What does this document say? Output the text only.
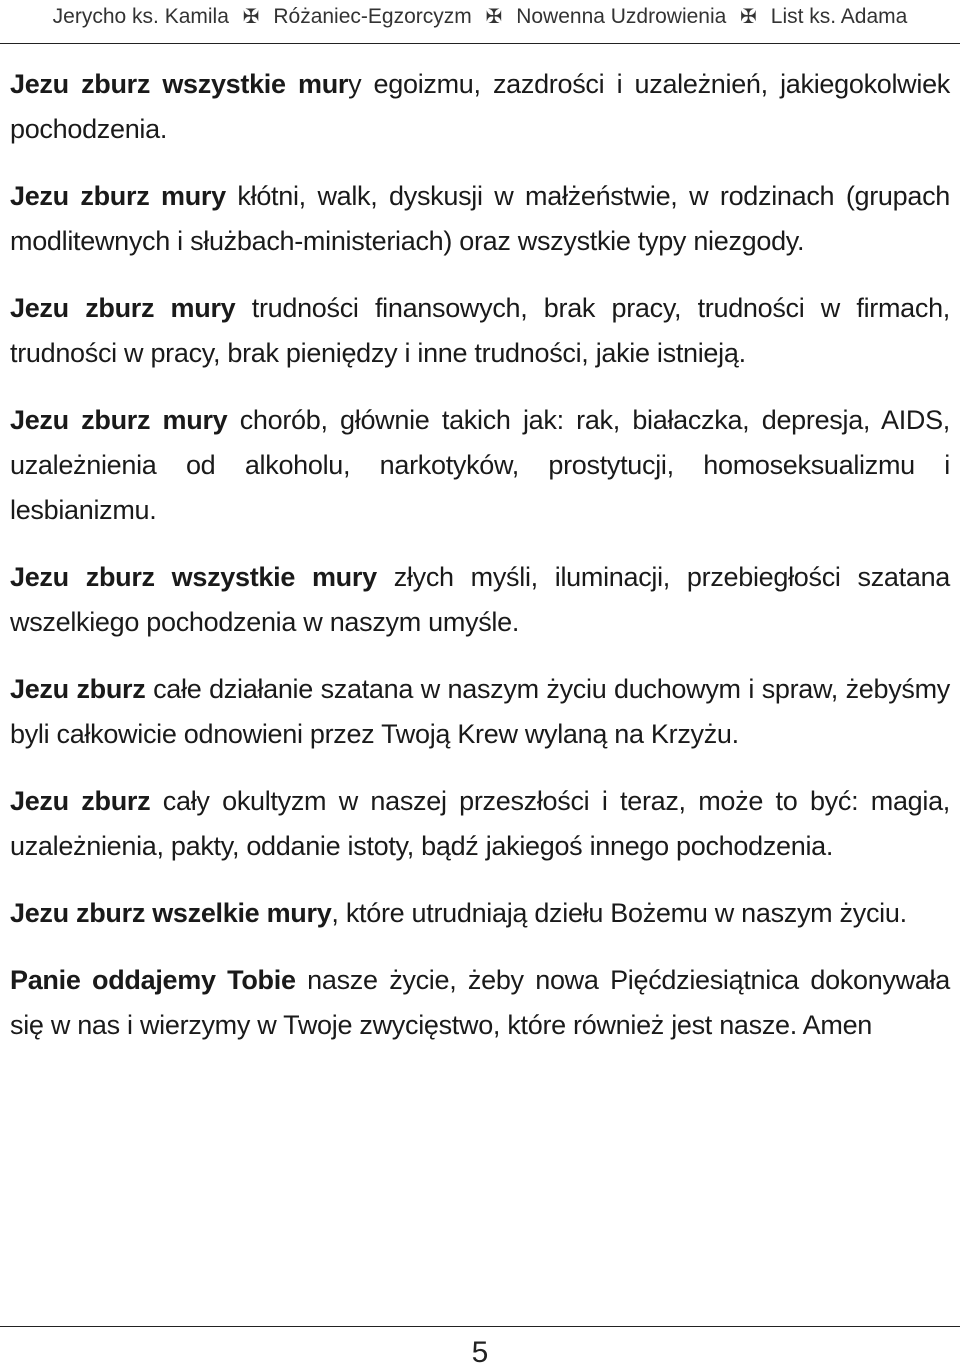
Jerycho ks. Kamila ✠ Różaniec-Egzorcyzm ✠ Nowenna Uzdrowienia ✠ List ks. Adama

Jezu zburz wszystkie mury egoizmu, zazdrości i uzależnień, jakiegokolwiek pochodzenia.

Jezu zburz mury kłótni, walk, dyskusji w małżeństwie, w rodzinach (grupach modlitewnych i służbach-ministeriach) oraz wszystkie typy niezgody.

Jezu zburz mury trudności finansowych, brak pracy, trudności w firmach, trudności w pracy, brak pieniędzy i inne trudności, jakie istnieją.

Jezu zburz mury chorób, głównie takich jak: rak, białaczka, depresja, AIDS, uzależnienia od alkoholu, narkotyków, prostytucji, homoseksualizmu i lesbianizmu.

Jezu zburz wszystkie mury złych myśli, iluminacji, przebiegłości szatana wszelkiego pochodzenia w naszym umyśle.

Jezu zburz całe działanie szatana w naszym życiu duchowym i spraw, żebyśmy byli całkowicie odnowieni przez Twoją Krew wylaną na Krzyżu.

Jezu zburz cały okultyzm w naszej przeszłości i teraz, może to być: magia, uzależnienia, pakty, oddanie istoty, bądź jakiegoś innego pochodzenia.

Jezu zburz wszelkie mury, które utrudniają dziełu Bożemu w naszym życiu.

Panie oddajemy Tobie nasze życie, żeby nowa Pięćdziesiątnica dokonywała się w nas i wierzymy w Twoje zwycięstwo, które również jest nasze. Amen

5
